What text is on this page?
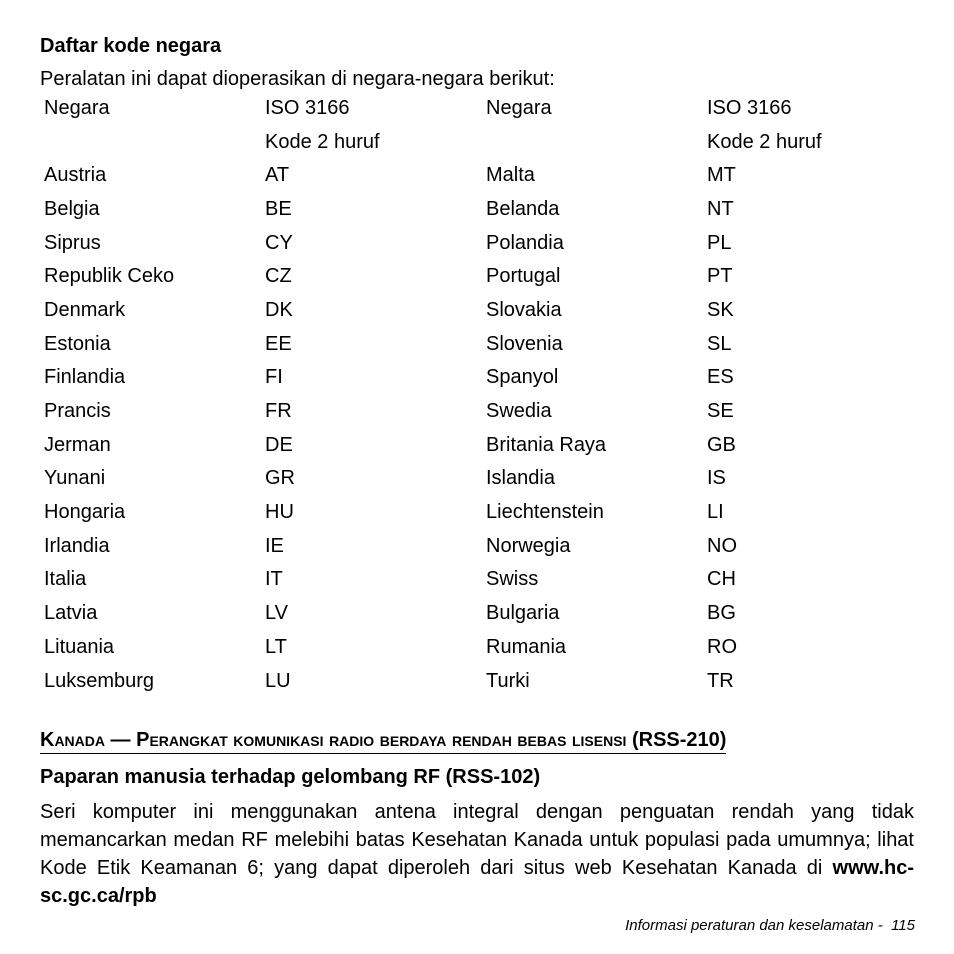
Daftar kode negara
Peralatan ini dapat dioperasikan di negara-negara berikut:
Negara	ISO 3166	Negara	ISO 3166
	Kode 2 huruf		Kode 2 huruf
Austria	AT	Malta	MT
Belgia	BE	Belanda	NT
Siprus	CY	Polandia	PL
Republik Ceko	CZ	Portugal	PT
Denmark	DK	Slovakia	SK
Estonia	EE	Slovenia	SL
Finlandia	FI	Spanyol	ES
Prancis	FR	Swedia	SE
Jerman	DE	Britania Raya	GB
Yunani	GR	Islandia	IS
Hongaria	HU	Liechtenstein	LI
Irlandia	IE	Norwegia	NO
Italia	IT	Swiss	CH
Latvia	LV	Bulgaria	BG
Lituania	LT	Rumania	RO
Luksemburg	LU	Turki	TR
Kanada — Perangkat komunikasi radio berdaya rendah bebas lisensi (RSS-210)
Paparan manusia terhadap gelombang RF (RSS-102)
Seri komputer ini menggunakan antena integral dengan penguatan rendah yang tidak memancarkan medan RF melebihi batas Kesehatan Kanada untuk populasi pada umumnya; lihat Kode Etik Keamanan 6; yang dapat diperoleh dari situs web Kesehatan Kanada di www.hc-sc.gc.ca/rpb
Informasi peraturan dan keselamatan - 115
